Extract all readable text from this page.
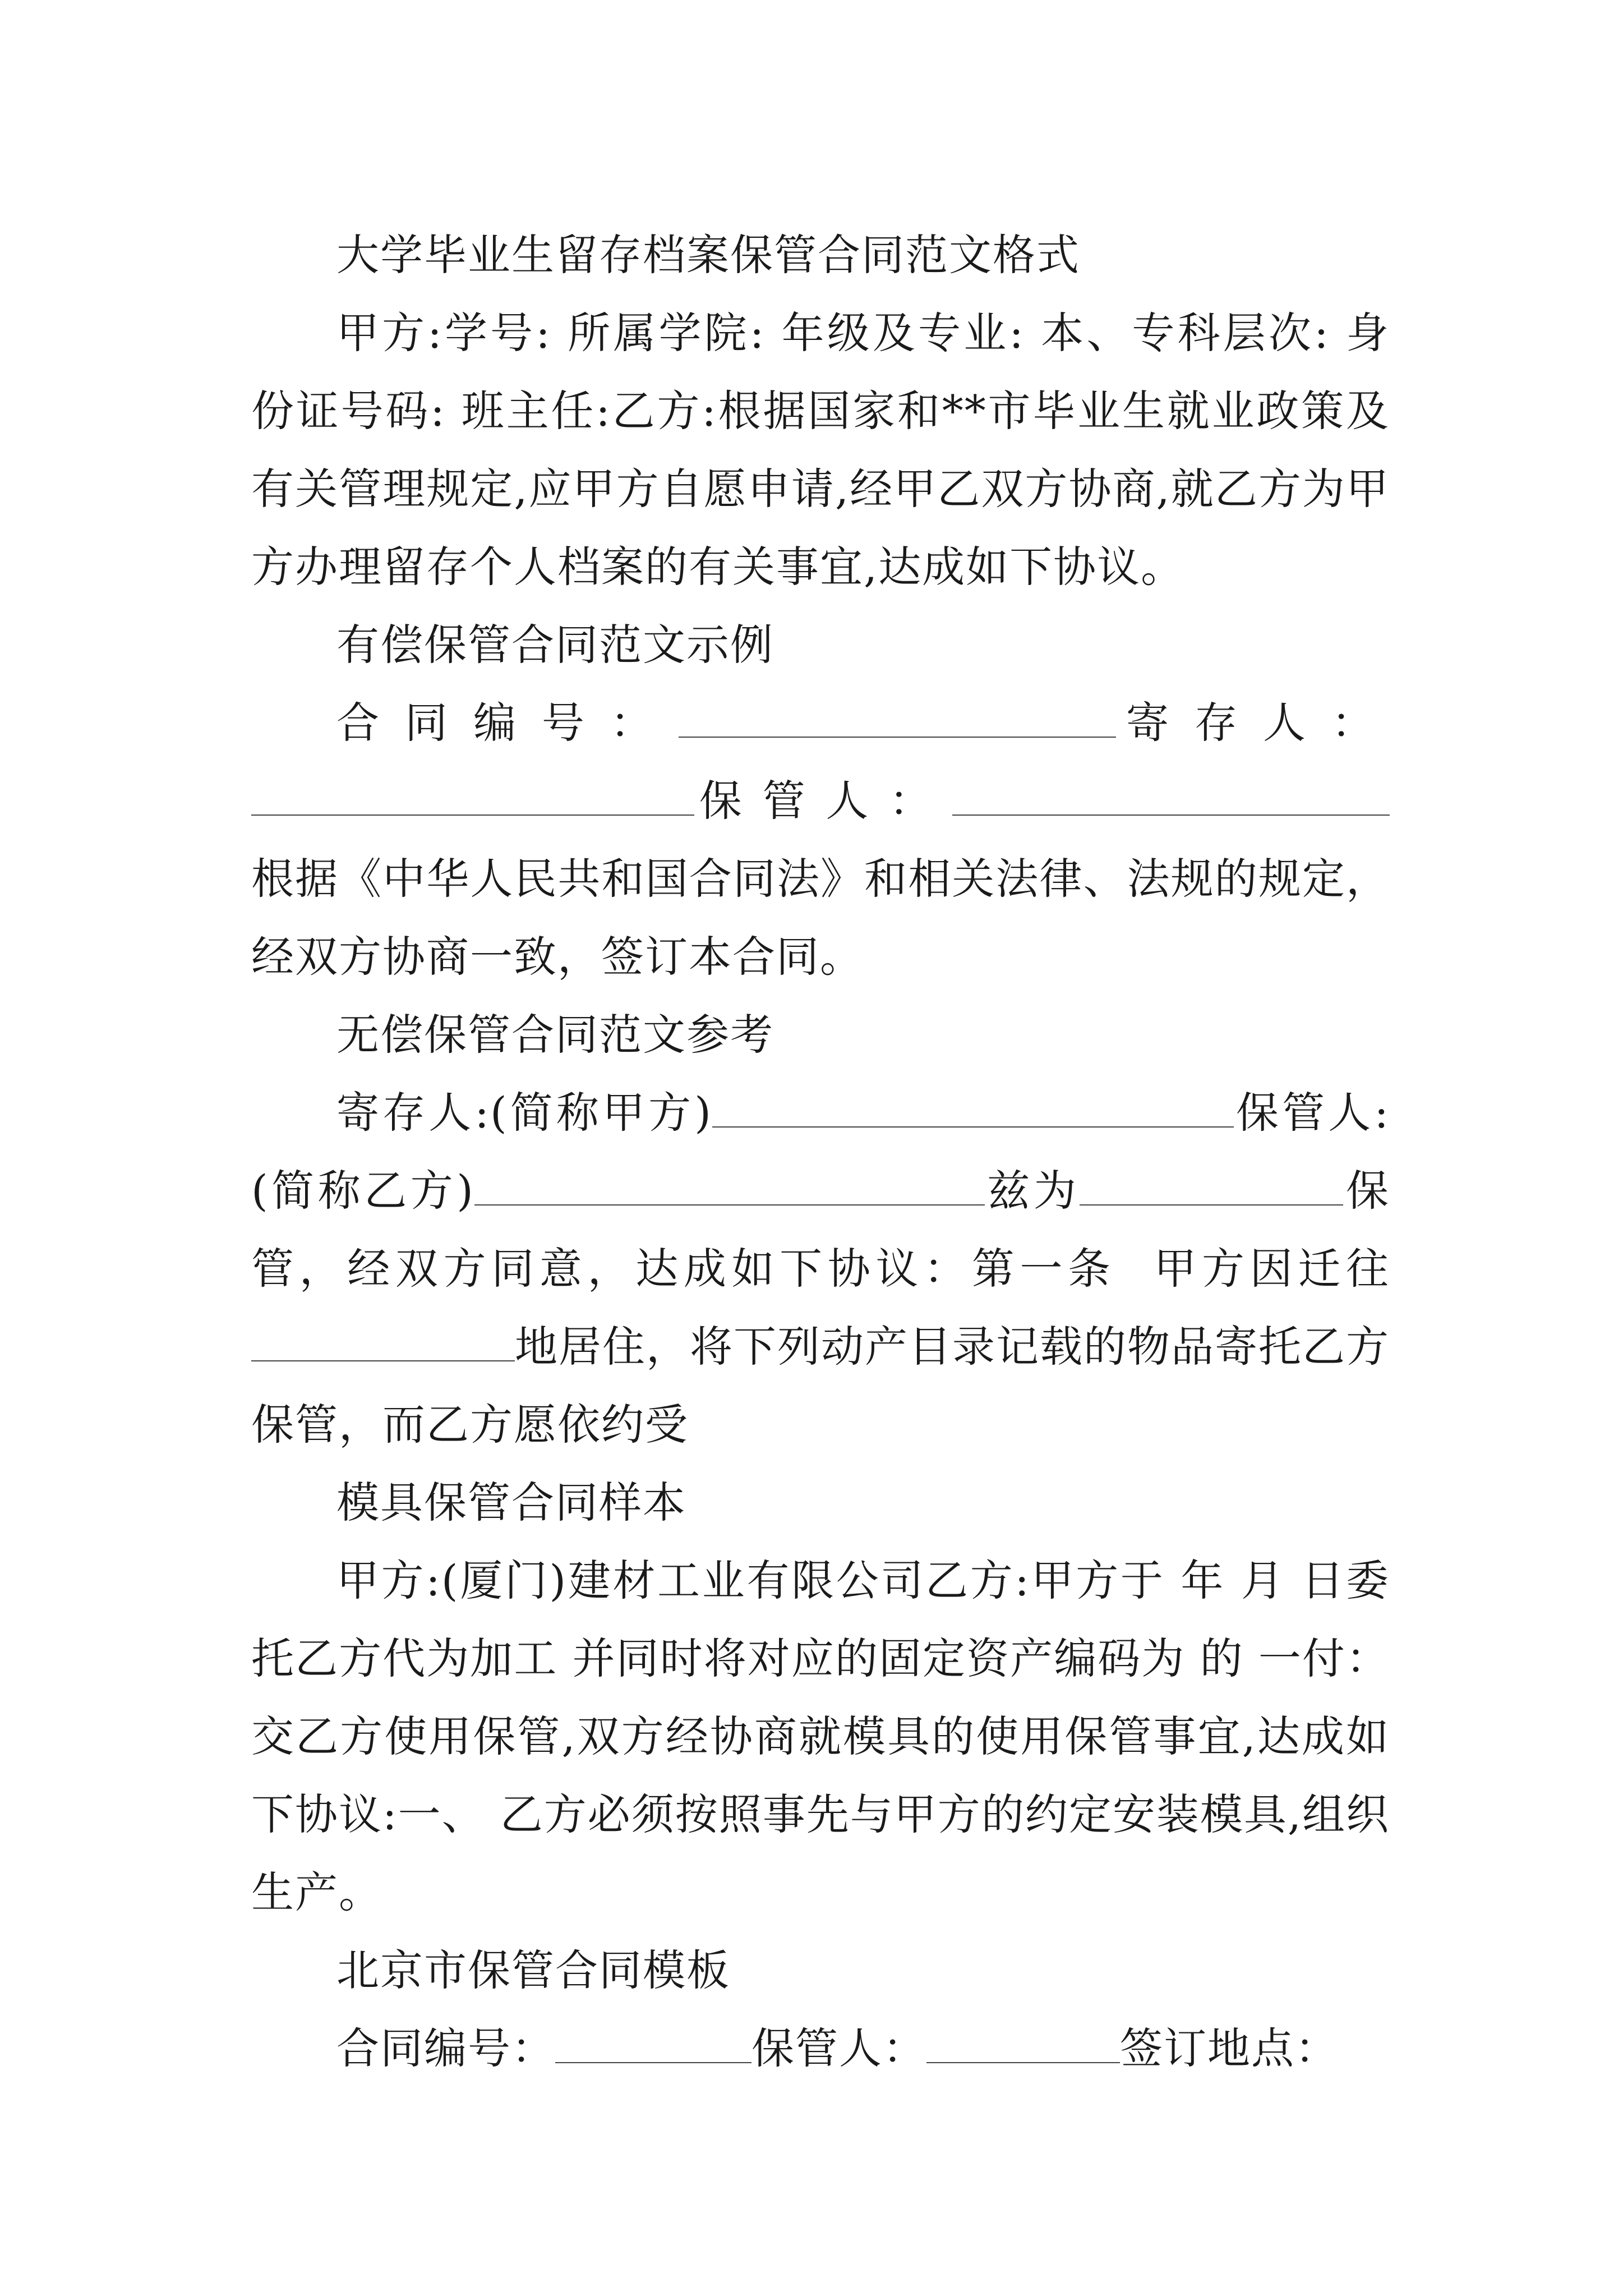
大学毕业生留存档案保管合同范文格式

甲方:学号: 所属学院: 年级及专业: 本、专科层次: 身份证号码: 班主任:乙方:根据国家和**市毕业生就业政策及有关管理规定,应甲方自愿申请,经甲乙双方协商,就乙方为甲方办理留存个人档案的有关事宜,达成如下协议。

有偿保管合同范文示例

合同编号：	寄存人：保管人：根据《中华人民共和国合同法》和相关法律、法规的规定，经双方协商一致，签订本合同。

无偿保管合同范文参考

寄存人:(简称甲方)	保管人:(简称乙方)	兹为	保管，经双方同意，达成如下协议：第一条  甲方因迁往地居住，将下列动产目录记载的物品寄托乙方保管，而乙方愿依约受

模具保管合同样本

甲方:(厦门)建材工业有限公司乙方:甲方于 年 月 日委托乙方代为加工 并同时将对应的固定资产编码为 的 一付：交乙方使用保管,双方经协商就模具的使用保管事宜,达成如下协议:一、 乙方必须按照事先与甲方的约定安装模具,组织生产。

北京市保管合同模板

合同编号：	保管人：	签订地点：
